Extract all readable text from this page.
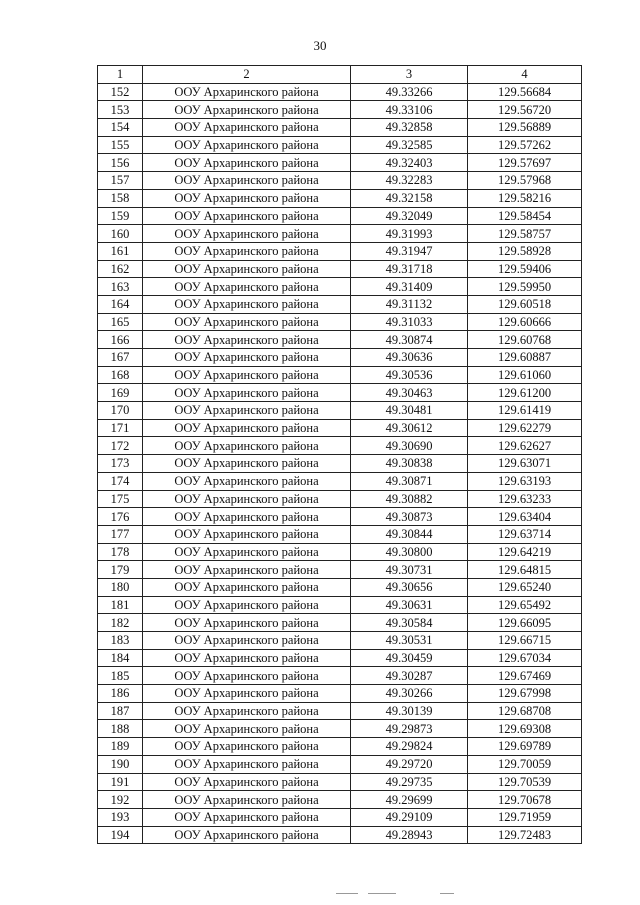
30
1	2	3	4
152	ООУ Архаринского района	49.33266	129.56684
153	ООУ Архаринского района	49.33106	129.56720
154	ООУ Архаринского района	49.32858	129.56889
155	ООУ Архаринского района	49.32585	129.57262
156	ООУ Архаринского района	49.32403	129.57697
157	ООУ Архаринского района	49.32283	129.57968
158	ООУ Архаринского района	49.32158	129.58216
159	ООУ Архаринского района	49.32049	129.58454
160	ООУ Архаринского района	49.31993	129.58757
161	ООУ Архаринского района	49.31947	129.58928
162	ООУ Архаринского района	49.31718	129.59406
163	ООУ Архаринского района	49.31409	129.59950
164	ООУ Архаринского района	49.31132	129.60518
165	ООУ Архаринского района	49.31033	129.60666
166	ООУ Архаринского района	49.30874	129.60768
167	ООУ Архаринского района	49.30636	129.60887
168	ООУ Архаринского района	49.30536	129.61060
169	ООУ Архаринского района	49.30463	129.61200
170	ООУ Архаринского района	49.30481	129.61419
171	ООУ Архаринского района	49.30612	129.62279
172	ООУ Архаринского района	49.30690	129.62627
173	ООУ Архаринского района	49.30838	129.63071
174	ООУ Архаринского района	49.30871	129.63193
175	ООУ Архаринского района	49.30882	129.63233
176	ООУ Архаринского района	49.30873	129.63404
177	ООУ Архаринского района	49.30844	129.63714
178	ООУ Архаринского района	49.30800	129.64219
179	ООУ Архаринского района	49.30731	129.64815
180	ООУ Архаринского района	49.30656	129.65240
181	ООУ Архаринского района	49.30631	129.65492
182	ООУ Архаринского района	49.30584	129.66095
183	ООУ Архаринского района	49.30531	129.66715
184	ООУ Архаринского района	49.30459	129.67034
185	ООУ Архаринского района	49.30287	129.67469
186	ООУ Архаринского района	49.30266	129.67998
187	ООУ Архаринского района	49.30139	129.68708
188	ООУ Архаринского района	49.29873	129.69308
189	ООУ Архаринского района	49.29824	129.69789
190	ООУ Архаринского района	49.29720	129.70059
191	ООУ Архаринского района	49.29735	129.70539
192	ООУ Архаринского района	49.29699	129.70678
193	ООУ Архаринского района	49.29109	129.71959
194	ООУ Архаринского района	49.28943	129.72483
